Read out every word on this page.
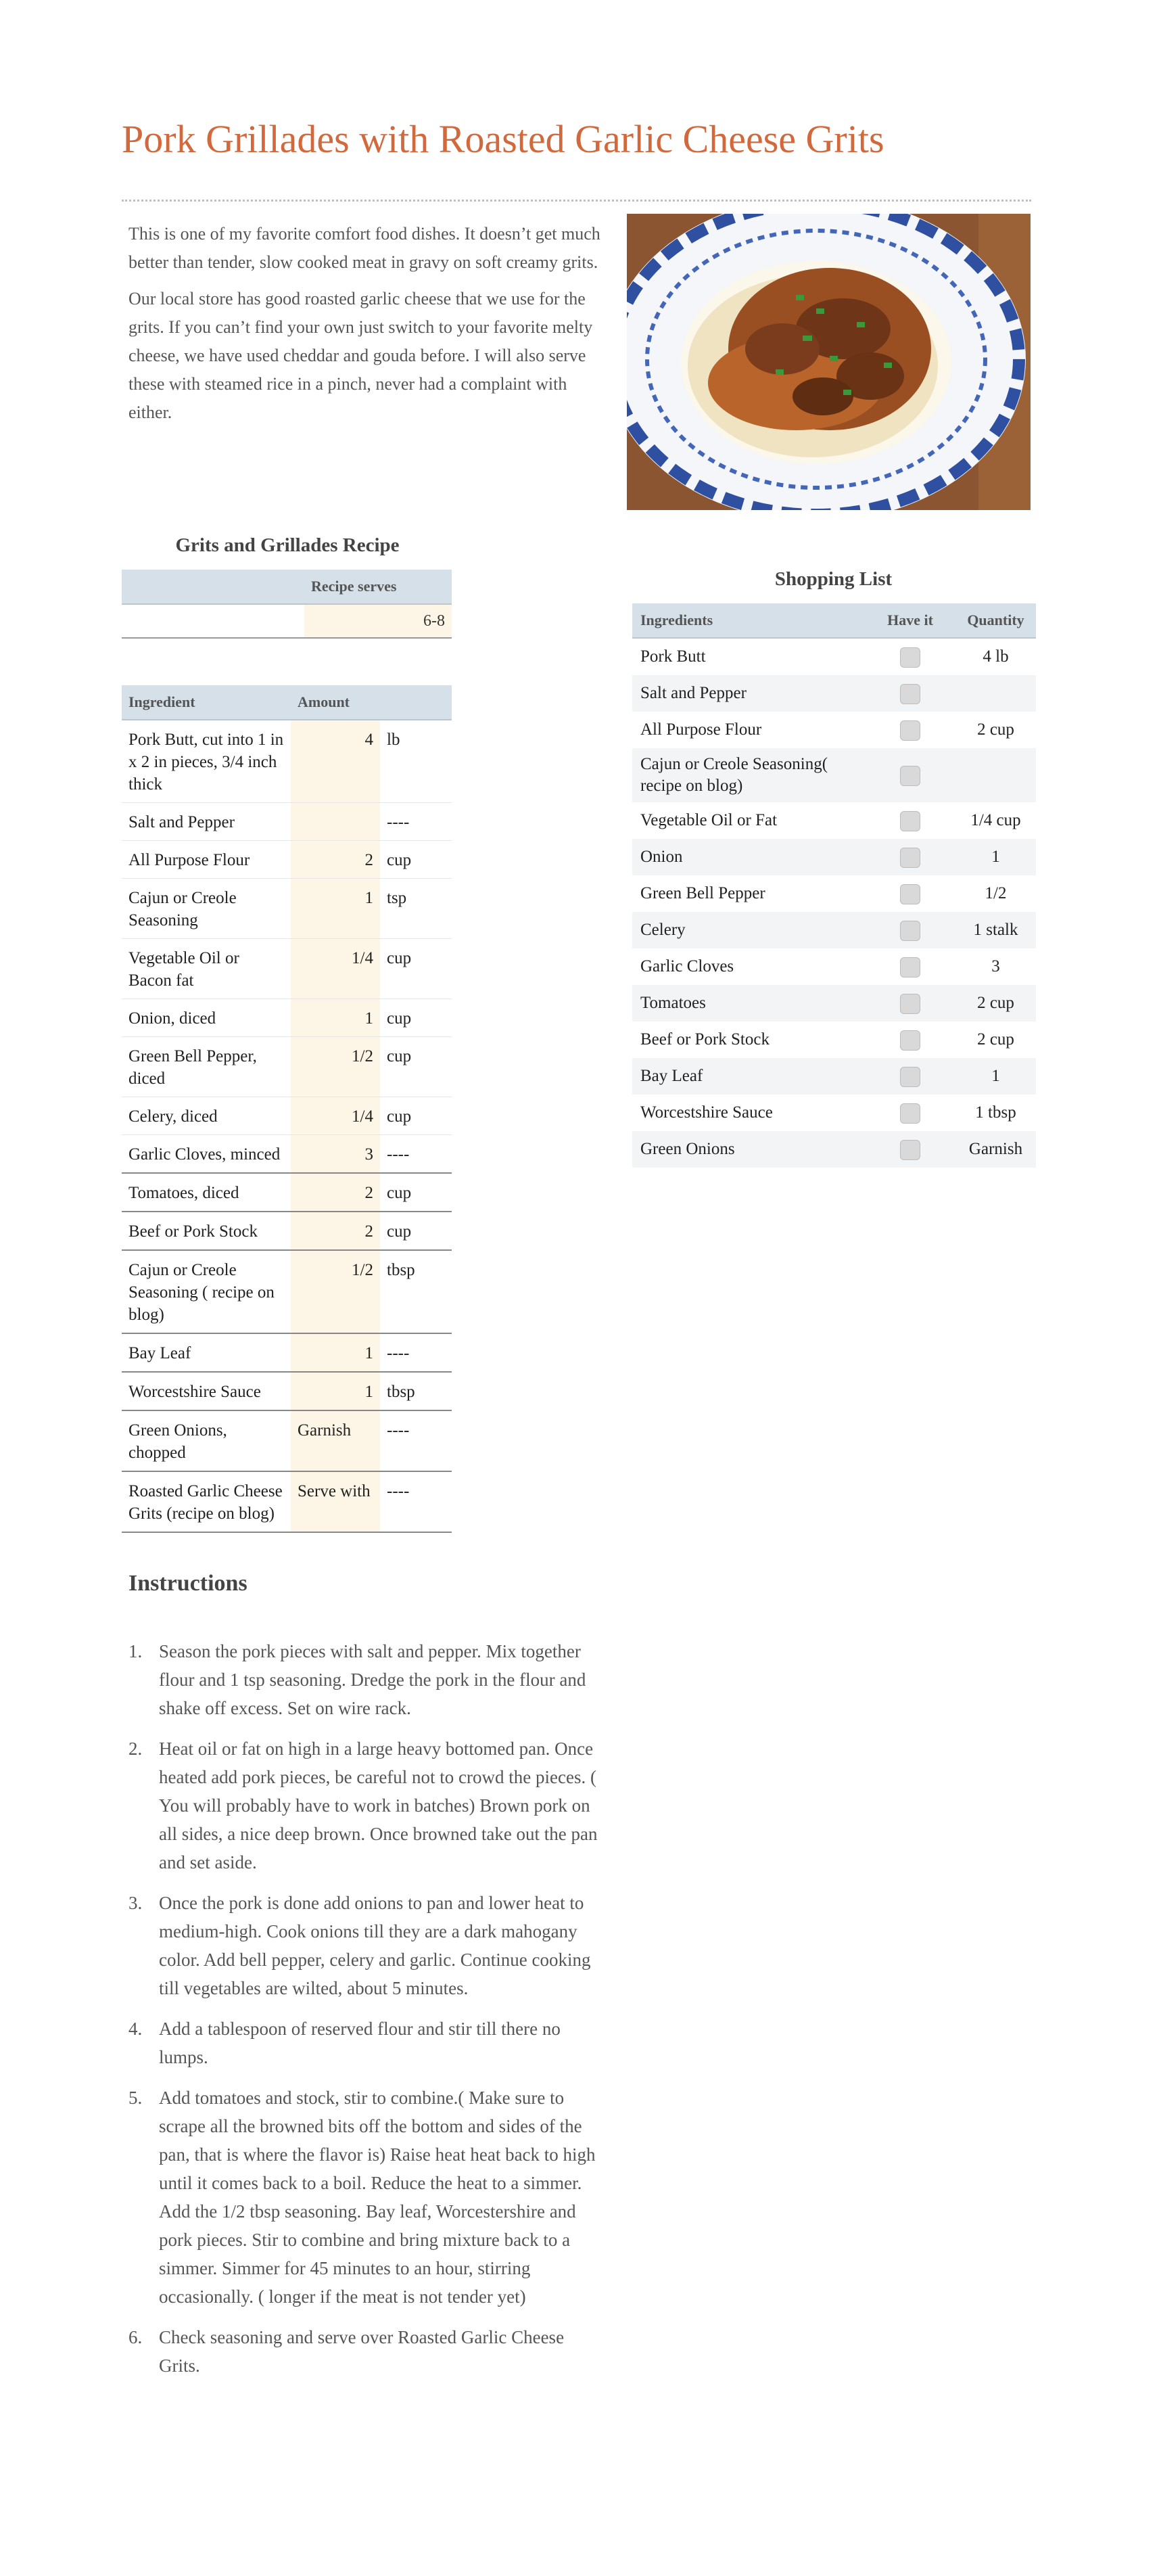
Pork Grillades with Roasted Garlic Cheese Grits

This is one of my favorite comfort food dishes. It doesn’t get much better than tender, slow cooked meat in gravy on soft creamy grits.

Our local store has good roasted garlic cheese that we use for the grits. If you can’t find your own just switch to your favorite melty cheese, we have used cheddar and gouda before. I will also serve these with steamed rice in a pinch, never had a complaint with either.

Grits and Grillades Recipe
	Recipe serves	
		6-8
Ingredient	Amount	
Pork Butt, cut into 1 in x 2 in pieces, 3/4 inch thick	4	lb
Salt and Pepper		----
All Purpose Flour	2	cup
Cajun or Creole Seasoning	1	tsp
Vegetable Oil or Bacon fat	1/4	cup
Onion, diced	1	cup
Green Bell Pepper, diced	1/2	cup
Celery, diced	1/4	cup
Garlic Cloves, minced	3	----
Tomatoes, diced	2	cup
Beef or Pork Stock	2	cup
Cajun or Creole Seasoning ( recipe on blog)	1/2	tbsp
Bay Leaf	1	----
Worcestshire Sauce	1	tbsp
Green Onions, chopped	Garnish	----
Roasted Garlic Cheese Grits (recipe on blog)	Serve with	----
Shopping List
Ingredients	Have it	Quantity
Pork Butt		4 lb
Salt and Pepper		
All Purpose Flour		2 cup
Cajun or Creole Seasoning( recipe on blog)		
Vegetable Oil or Fat		1/4 cup
Onion		1
Green Bell Pepper		1/2
Celery		1 stalk
Garlic Cloves		3
Tomatoes		2 cup
Beef or Pork Stock		2 cup
Bay Leaf		1
Worcestshire Sauce		1 tbsp
Green Onions		Garnish
Instructions
1. Season the pork pieces with salt and pepper. Mix together flour and 1 tsp seasoning. Dredge the pork in the flour and shake off excess. Set on wire rack.
2. Heat oil or fat on high in a large heavy bottomed pan. Once heated add pork pieces, be careful not to crowd the pieces. ( You will probably have to work in batches) Brown pork on all sides, a nice deep brown. Once browned take out the pan and set aside.
3. Once the pork is done add onions to pan and lower heat to medium-high. Cook onions till they are a dark mahogany color. Add bell pepper, celery and garlic. Continue cooking till vegetables are wilted, about 5 minutes.
4. Add a tablespoon of reserved flour and stir till there no lumps.
5. Add tomatoes and stock, stir to combine.( Make sure to scrape all the browned bits off the bottom and sides of the pan, that is where the flavor is) Raise heat heat back to high until it comes back to a boil. Reduce the heat to a simmer. Add the 1/2 tbsp seasoning. Bay leaf, Worcestershire and pork pieces. Stir to combine and bring mixture back to a simmer. Simmer for 45 minutes to an hour, stirring occasionally. ( longer if the meat is not tender yet)
6. Check seasoning and serve over Roasted Garlic Cheese Grits.
